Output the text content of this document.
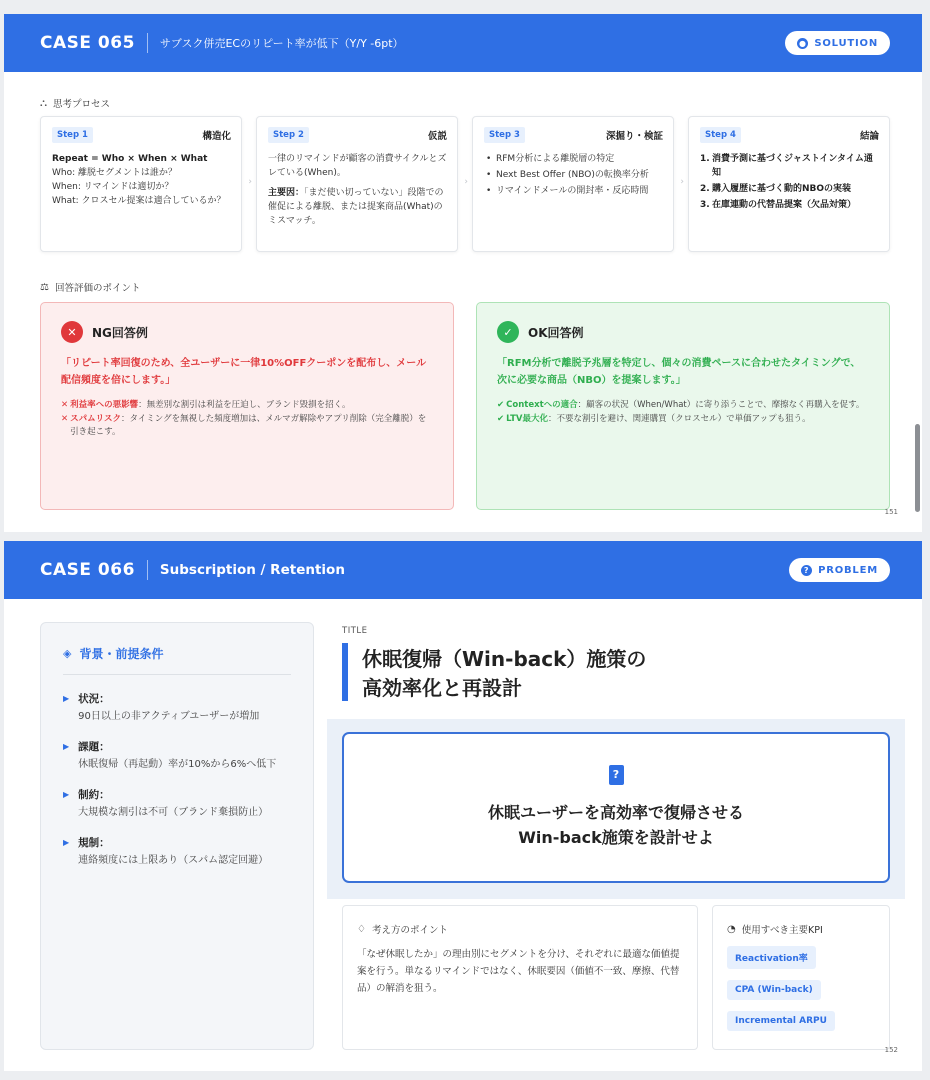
CASE 065 サブスク併売ECのリピート率が低下（Y/Y -6pt）	● SOLUTION
⛬ 思考プロセス
Step 1	構造化
Repeat = Who × When × What
Who: 離脱セグメントは誰か？
When: リマインドは適切か？
What: クロスセル提案は適合しているか？
›
Step 2	仮説
一律のリマインドが顧客の消費サイクルとズレている(When)。
主要因：「まだ使い切っていない」段階での催促による離脱、または提案商品(What)のミスマッチ。
›
Step 3	深掘り・検証
• RFM分析による離脱層の特定
• Next Best Offer (NBO)の転換率分析
• リマインドメールの開封率・反応時間
›
Step 4	結論
1. 消費予測に基づくジャストインタイム通知
2. 購入履歴に基づく動的NBOの実装
3. 在庫連動の代替品提案（欠品対策）
⚖ 回答評価のポイント
✕	NG回答例
「リピート率回復のため、全ユーザーに一律10%OFFクーポンを配布し、メール配信頻度を倍にします。」
✕ 利益率への悪影響：無差別な割引は利益を圧迫し、ブランド毀損を招く。
✕ スパムリスク：タイミングを無視した頻度増加は、メルマガ解除やアプリ削除（完全離脱）を引き起こす。
✓	OK回答例
「RFM分析で離脱予兆層を特定し、個々の消費ペースに合わせたタイミングで、次に必要な商品（NBO）を提案します。」
✔ Contextへの適合：顧客の状況（When/What）に寄り添うことで、摩擦なく再購入を促す。
✔ LTV最大化：不要な割引を避け、関連購買（クロスセル）で単価アップも狙う。
151
CASE 066 Subscription / Retention	? PROBLEM
◈ 背景・前提条件
▶ 状況：
90日以上の非アクティブユーザーが増加
▶ 課題：
休眠復帰（再起動）率が10%から6%へ低下
▶ 制約：
大規模な割引は不可（ブランド棄損防止）
▶ 規制：
連絡頻度には上限あり（スパム認定回避）
TITLE
休眠復帰（Win-back）施策の
高効率化と再設計
?
休眠ユーザーを高効率で復帰させる
Win-back施策を設計せよ
♢ 考え方のポイント
「なぜ休眠したか」の理由別にセグメントを分け、それぞれに最適な価値提案を行う。単なるリマインドではなく、休眠要因（価値不一致、摩擦、代替品）の解消を狙う。
◔ 使用すべき主要KPI
Reactivation率
CPA (Win-back)
Incremental ARPU
152
